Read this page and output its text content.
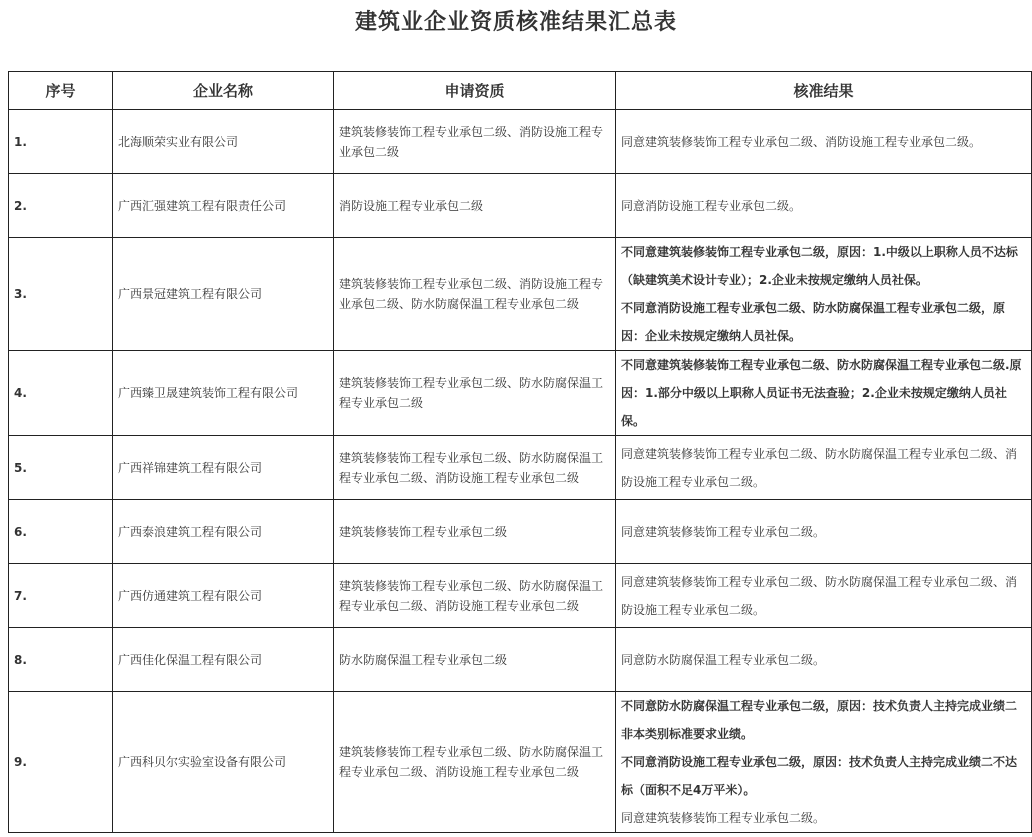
建筑业企业资质核准结果汇总表
序号	企业名称	申请资质	核准结果
1.	北海顺荣实业有限公司	建筑装修装饰工程专业承包二级、消防设施工程专业承包二级	同意建筑装修装饰工程专业承包二级、消防设施工程专业承包二级。

2.	广西汇强建筑工程有限责任公司	消防设施工程专业承包二级	同意消防设施工程专业承包二级。

3.	广西景冠建筑工程有限公司	建筑装修装饰工程专业承包二级、消防设施工程专业承包二级、防水防腐保温工程专业承包二级	不同意建筑装修装饰工程专业承包二级，原因：1.中级以上职称人员不达标（缺建筑美术设计专业）；2.企业未按规定缴纳人员社保。
不同意消防设施工程专业承包二级、防水防腐保温工程专业承包二级，原因：企业未按规定缴纳人员社保。

4.	广西臻卫晟建筑装饰工程有限公司	建筑装修装饰工程专业承包二级、防水防腐保温工程专业承包二级	不同意建筑装修装饰工程专业承包二级、防水防腐保温工程专业承包二级.原因：1.部分中级以上职称人员证书无法查验；2.企业未按规定缴纳人员社保。

5.	广西祥锦建筑工程有限公司	建筑装修装饰工程专业承包二级、防水防腐保温工程专业承包二级、消防设施工程专业承包二级	同意建筑装修装饰工程专业承包二级、防水防腐保温工程专业承包二级、消防设施工程专业承包二级。

6.	广西泰浪建筑工程有限公司	建筑装修装饰工程专业承包二级	同意建筑装修装饰工程专业承包二级。

7.	广西仿通建筑工程有限公司	建筑装修装饰工程专业承包二级、防水防腐保温工程专业承包二级、消防设施工程专业承包二级	同意建筑装修装饰工程专业承包二级、防水防腐保温工程专业承包二级、消防设施工程专业承包二级。

8.	广西佳化保温工程有限公司	防水防腐保温工程专业承包二级	同意防水防腐保温工程专业承包二级。

9.	广西科贝尔实验室设备有限公司	建筑装修装饰工程专业承包二级、防水防腐保温工程专业承包二级、消防设施工程专业承包二级	不同意防水防腐保温工程专业承包二级，原因：技术负责人主持完成业绩二非本类别标准要求业绩。
不同意消防设施工程专业承包二级，原因：技术负责人主持完成业绩二不达标（面积不足4万平米）。
同意建筑装修装饰工程专业承包二级。
